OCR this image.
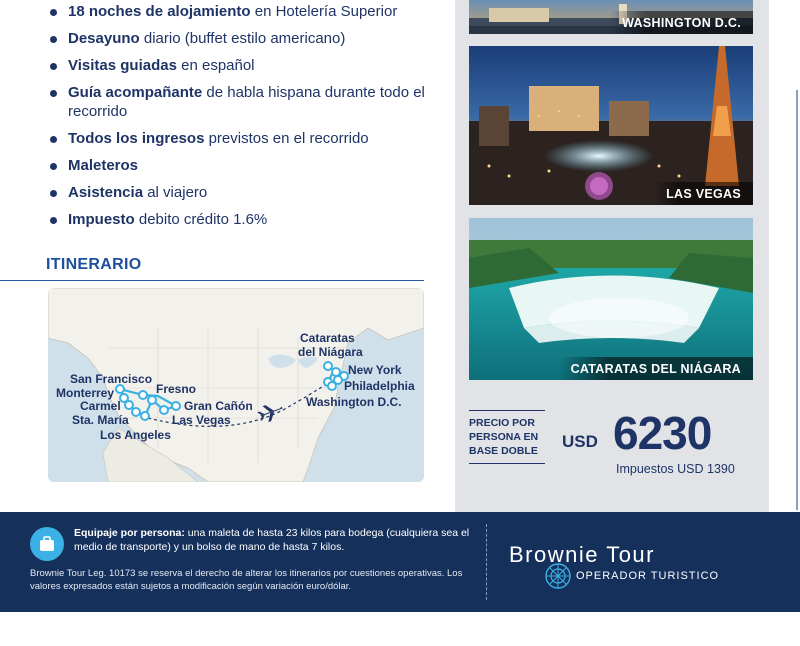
18 noches de alojamiento en Hotelería Superior
Desayuno diario (buffet estilo americano)
Visitas guiadas en español
Guía acompañante de habla hispana durante todo el recorrido
Todos los ingresos previstos en el recorrido
Maleteros
Asistencia al viajero
Impuesto debito crédito 1.6%
ITINERARIO
San Francisco
Monterrey
Carmel
Sta. María
Los Angeles
Fresno
Gran Cañón
Las Vegas
Cataratas
del Niágara
New York
Philadelphia
Washington D.C.
WASHINGTON D.C.
LAS VEGAS
CATARATAS DEL NIÁGARA
PRECIO POR PERSONA EN BASE DOBLE	USD 6230
Impuestos USD 1390
Equipaje por persona: una maleta de hasta 23 kilos para bodega (cualquiera sea el medio de transporte) y un bolso de mano de hasta 7 kilos.
Brownie Tour Leg. 10173 se reserva el derecho de alterar los itinerarios por cuestiones operativas. Los valores expresados están sujetos a modificación según variación euro/dólar.
Brownie Tour
OPERADOR TURISTICO
